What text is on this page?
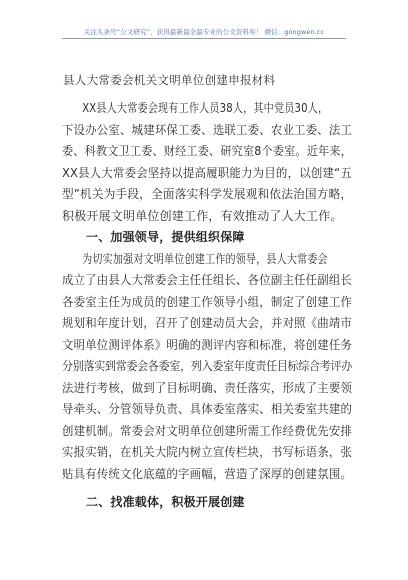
关注头条号“公文研究”，获得最新最全最专业的公文资料库！ 微信：gongwen.cc
县人大常委会机关文明单位创建申报材料

XX县人大常委会现有工作人员38人，其中党员30人，
下设办公室、城建环保工委、选联工委、农业工委、法工
委、科教文卫工委、财经工委、研究室8个委室。近年来，
XX县人大常委会坚持以提高履职能力为目的，以创建“五
型”机关为手段，全面落实科学发展观和依法治国方略，
积极开展文明单位创建工作，有效推动了人大工作。

一、加强领导，提供组织保障

为切实加强对文明单位创建工作的领导，县人大常委会
成立了由县人大常委会主任任组长、各位副主任任副组长
各委室主任为成员的创建工作领导小组，制定了创建工作
规划和年度计划，召开了创建动员大会，并对照《曲靖市
文明单位测评体系》明确的测评内容和标准，将创建任务
分别落实到常委会各委室，列入委室年度责任目标综合考评办
法进行考核，做到了目标明确、责任落实，形成了主要领
导牵头、分管领导负责、具体委室落实、相关委室共建的
创建机制。常委会对文明单位创建所需工作经费优先安排
实报实销，在机关大院内树立宣传栏块，书写标语条，张
贴具有传统文化底蕴的字画幅，营造了深厚的创建氛围。

二、找准载体，积极开展创建
